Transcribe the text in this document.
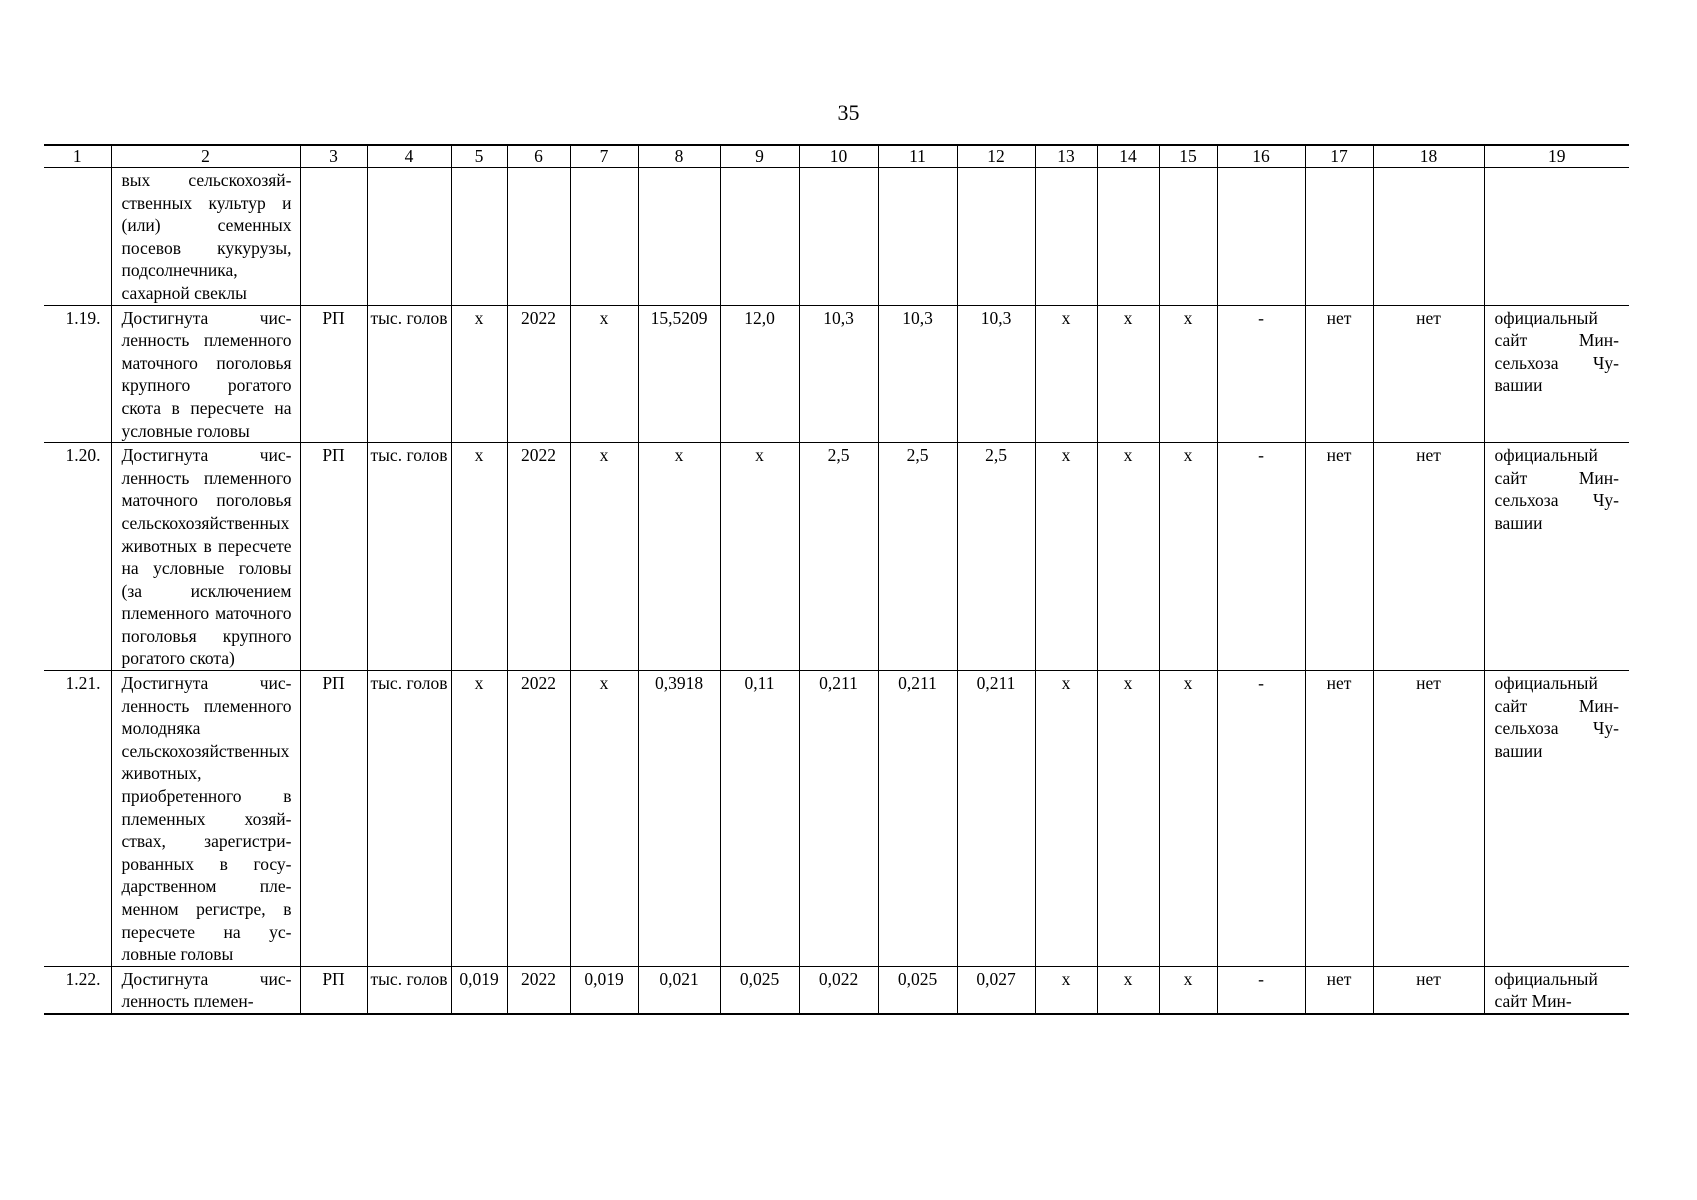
35
1	2	3	4	5	6	7	8	9	10	11	12	13	14	15	16	17	18	19
	вых сельскохозяйственных культур и (или) семенных посевов кукурузы, подсолнечника, сахарной свеклы																	
1.19.	Достигнута численность племенного маточного поголовья крупного рогатого скота в пересчете на условные головы	РП	тыс. голов	х	2022	х	15,5209	12,0	10,3	10,3	10,3	х	х	х	-	нет	нет	официальный сайт Минсельхоза Чувашии
1.20.	Достигнута численность племенного маточного поголовья сельскохозяйственных животных в пересчете на условные головы (за исключением племенного маточного поголовья крупного рогатого скота)	РП	тыс. голов	х	2022	х	х	х	2,5	2,5	2,5	х	х	х	-	нет	нет	официальный сайт Минсельхоза Чувашии
1.21.	Достигнута численность племенного молодняка сельскохозяйственных животных, приобретенного в племенных хозяйствах, зарегистрированных в государственном племенном регистре, в пересчете на условные головы	РП	тыс. голов	х	2022	х	0,3918	0,11	0,211	0,211	0,211	х	х	х	-	нет	нет	официальный сайт Минсельхоза Чувашии
1.22.	Достигнута численность племен-	РП	тыс. голов	0,019	2022	0,019	0,021	0,025	0,022	0,025	0,027	х	х	х	-	нет	нет	официальный сайт Мин-
